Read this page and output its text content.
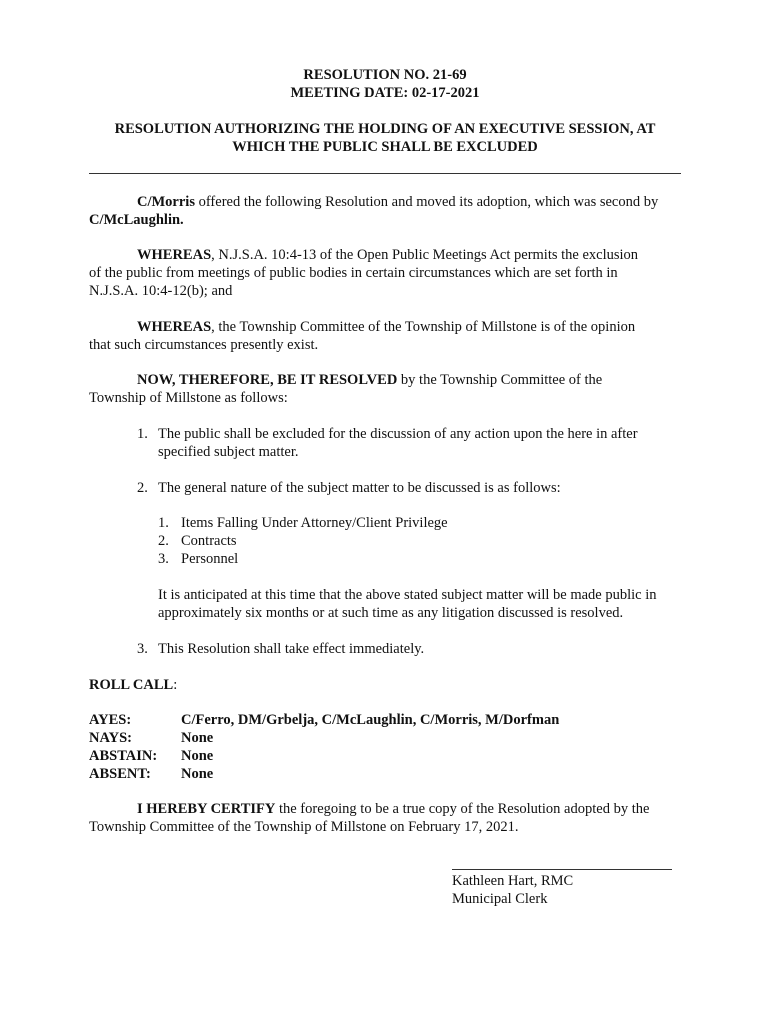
RESOLUTION NO. 21-69
MEETING DATE: 02-17-2021
RESOLUTION AUTHORIZING THE HOLDING OF AN EXECUTIVE SESSION, AT
WHICH THE PUBLIC SHALL BE EXCLUDED
C/Morris offered the following Resolution and moved its adoption, which was second by
C/McLaughlin.
WHEREAS, N.J.S.A. 10:4-13 of the Open Public Meetings Act permits the exclusion
of the public from meetings of public bodies in certain circumstances which are set forth in
N.J.S.A. 10:4-12(b); and
WHEREAS, the Township Committee of the Township of Millstone is of the opinion
that such circumstances presently exist.
NOW, THEREFORE, BE IT RESOLVED by the Township Committee of the
Township of Millstone as follows:
1. The public shall be excluded for the discussion of any action upon the here in after
specified subject matter.
2. The general nature of the subject matter to be discussed is as follows:
1. Items Falling Under Attorney/Client Privilege
2. Contracts
3. Personnel
It is anticipated at this time that the above stated subject matter will be made public in
approximately six months or at such time as any litigation discussed is resolved.
3. This Resolution shall take effect immediately.
ROLL CALL:
AYES:	C/Ferro, DM/Grbelja, C/McLaughlin, C/Morris, M/Dorfman
NAYS:	None
ABSTAIN: None
ABSENT: None
I HEREBY CERTIFY the foregoing to be a true copy of the Resolution adopted by the
Township Committee of the Township of Millstone on February 17, 2021.
Kathleen Hart, RMC
Municipal Clerk
